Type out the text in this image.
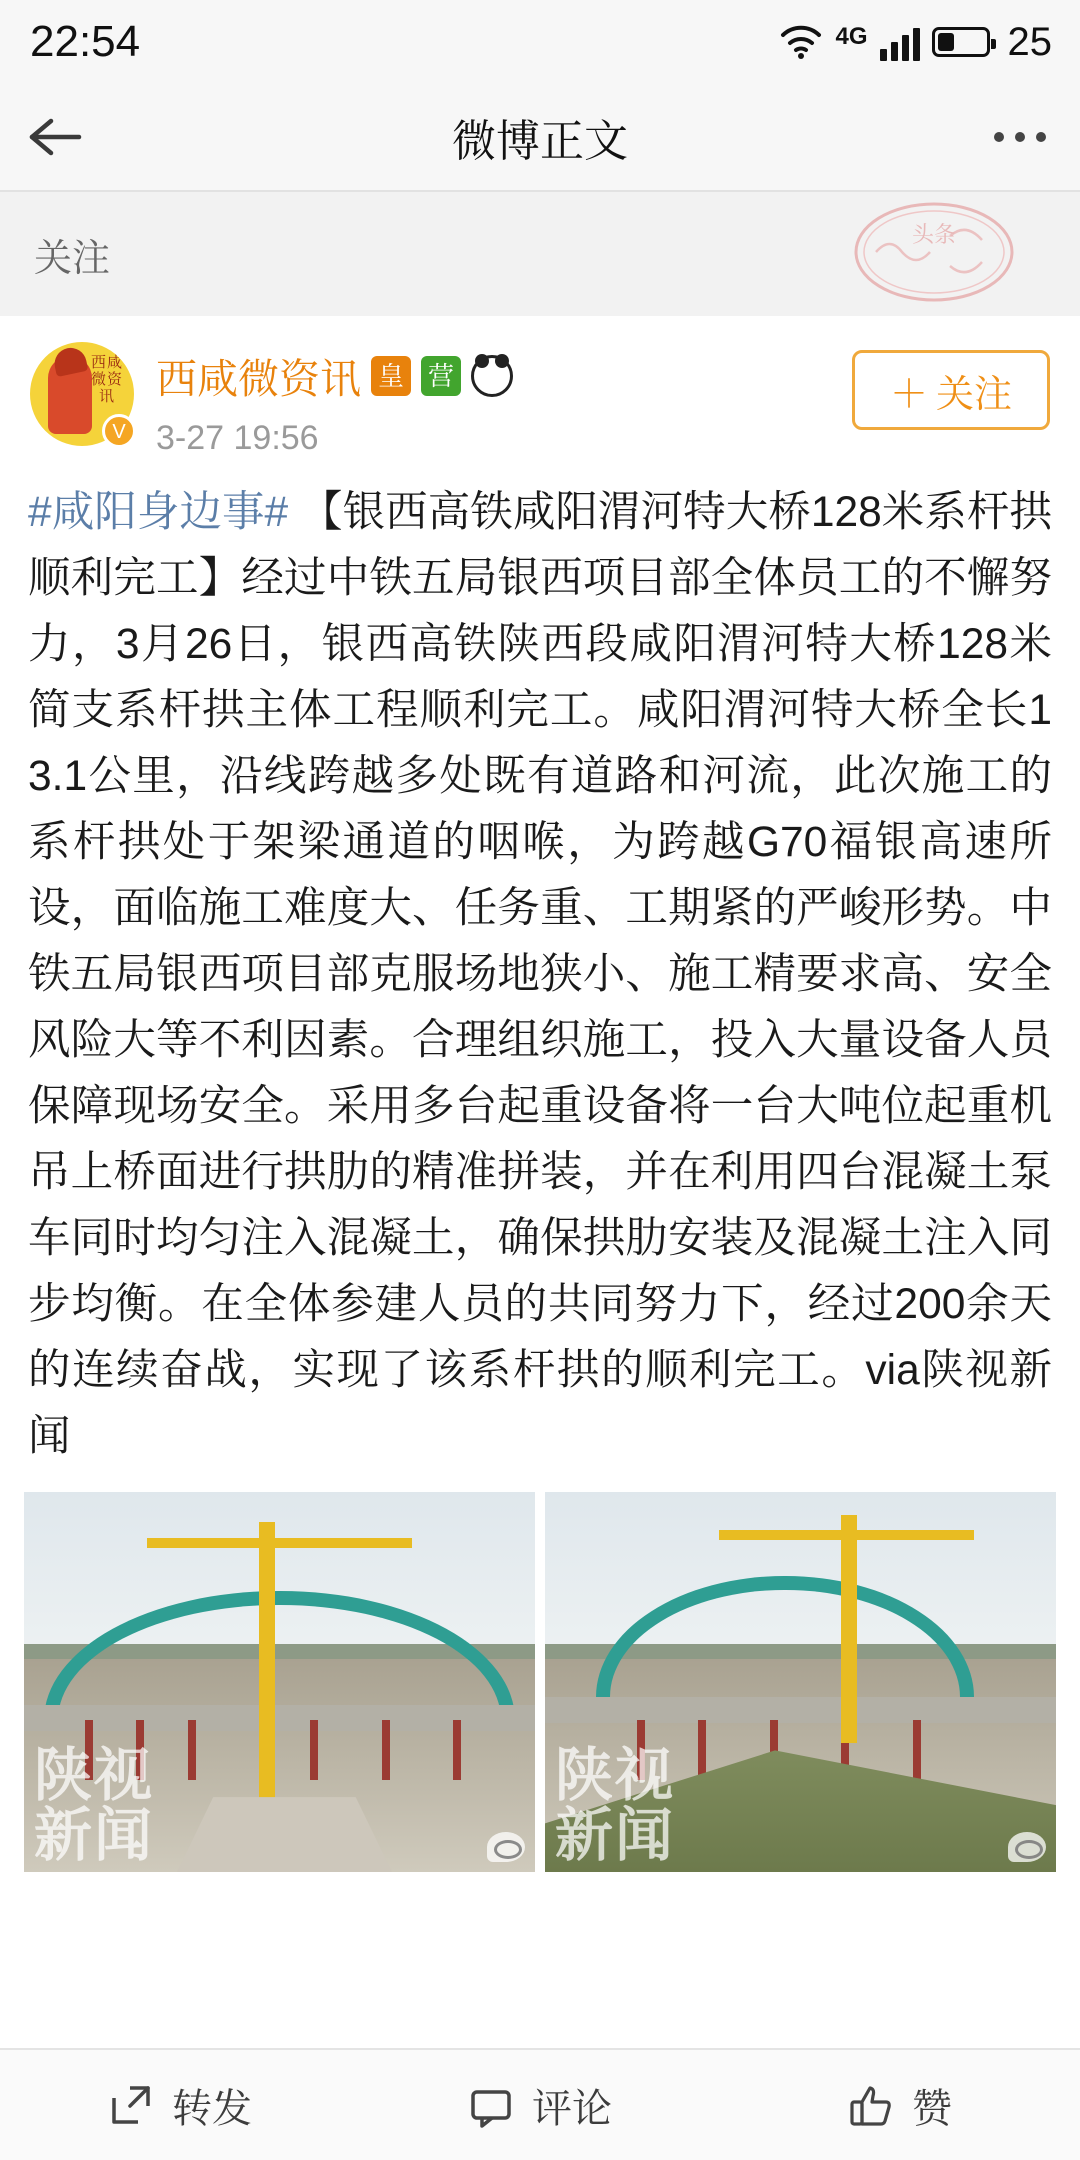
22:54	4G	25
微博正文
关注
头条
西咸微资讯
V
西咸微资讯
皇
营
3-27 19:56
＋ 关注
#咸阳身边事# 【银西高铁咸阳渭河特大桥128米系杆拱顺利完工】经过中铁五局银西项目部全体员工的不懈努力，3月26日，银西高铁陕西段咸阳渭河特大桥128米简支系杆拱主体工程顺利完工。咸阳渭河特大桥全长13.1公里，沿线跨越多处既有道路和河流，此次施工的系杆拱处于架梁通道的咽喉，为跨越G70福银高速所设，面临施工难度大、任务重、工期紧的严峻形势。中铁五局银西项目部克服场地狭小、施工精要求高、安全风险大等不利因素。合理组织施工，投入大量设备人员保障现场安全。采用多台起重设备将一台大吨位起重机吊上桥面进行拱肋的精准拼装，并在利用四台混凝土泵车同时均匀注入混凝土，确保拱肋安装及混凝土注入同步均衡。在全体参建人员的共同努力下，经过200余天的连续奋战，实现了该系杆拱的顺利完工。via陕视新闻
陕视
新闻
陕视
新闻
转发	评论	赞
